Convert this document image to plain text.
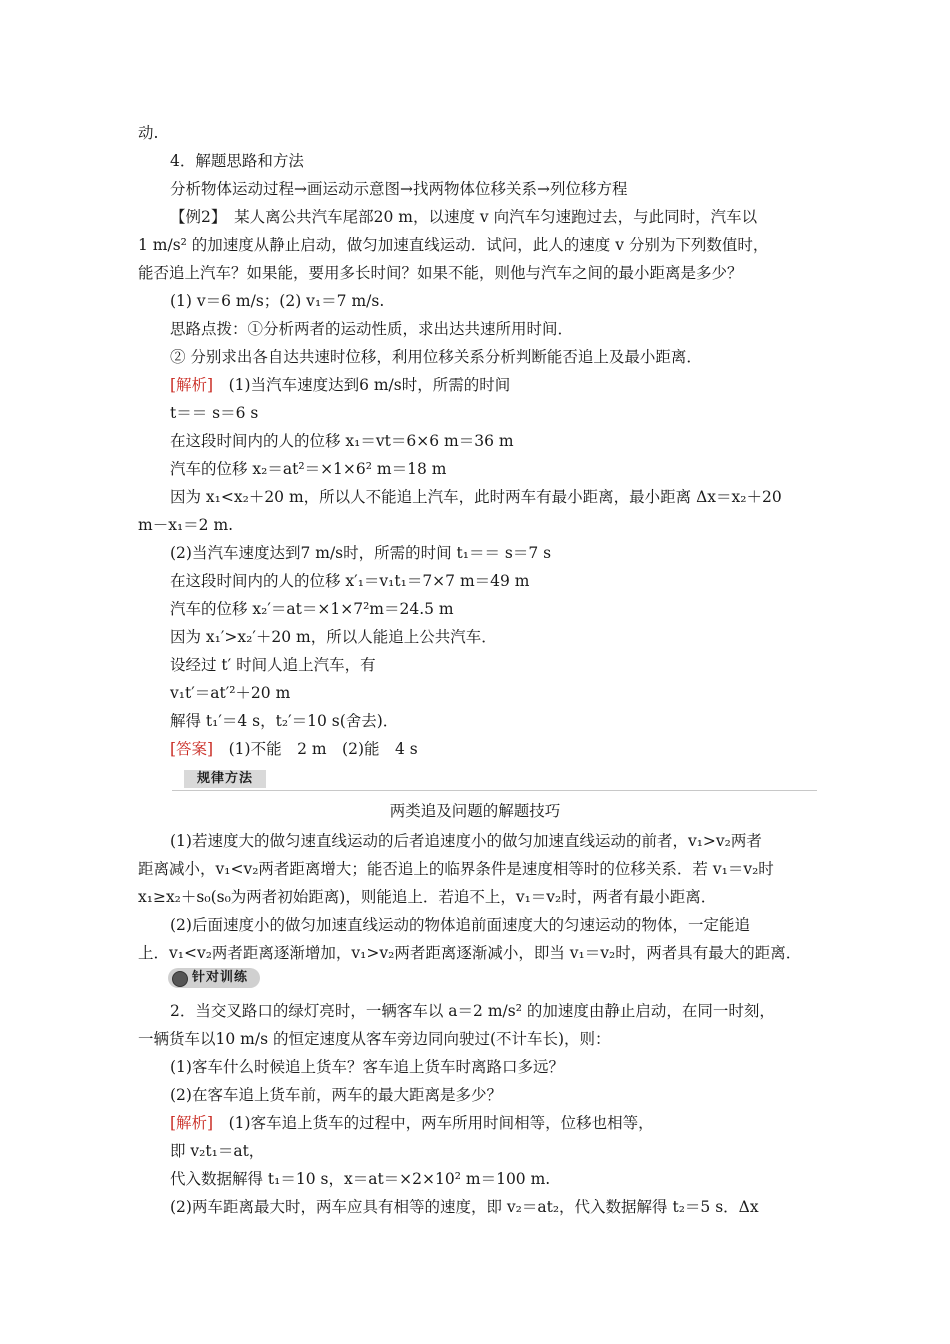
动.
4．解题思路和方法
分析物体运动过程→画运动示意图→找两物体位移关系→列位移方程
【例2】　某人离公共汽车尾部20 m，以速度 v 向汽车匀速跑过去，与此同时，汽车以
1 m/s² 的加速度从静止启动，做匀加速直线运动．试问，此人的速度 v 分别为下列数值时，
能否追上汽车？如果能，要用多长时间？如果不能，则他与汽车之间的最小距离是多少？
(1) v＝6 m/s；(2) v₁＝7 m/s.
思路点拨：①分析两者的运动性质，求出达共速所用时间．
② 分别求出各自达共速时位移，利用位移关系分析判断能否追上及最小距离．
[解析]　(1)当汽车速度达到6 m/s时，所需的时间
t＝＝ s＝6 s
在这段时间内的人的位移 x₁＝vt＝6×6 m＝36 m
汽车的位移 x₂＝at²＝×1×6² m＝18 m
因为 x₁<x₂＋20 m，所以人不能追上汽车，此时两车有最小距离，最小距离 Δx＝x₂＋20
m－x₁＝2 m.
(2)当汽车速度达到7 m/s时，所需的时间 t₁＝＝ s＝7 s
在这段时间内的人的位移 x′₁＝v₁t₁＝7×7 m＝49 m
汽车的位移 x₂′＝at＝×1×7²m＝24.5 m
因为 x₁′>x₂′＋20 m，所以人能追上公共汽车．
设经过 t′ 时间人追上汽车，有
v₁t′＝at′²＋20 m
解得 t₁′＝4 s，t₂′＝10 s(舍去)．
[答案]　(1)不能　2 m　(2)能　4 s
规律方法
两类追及问题的解题技巧
(1)若速度大的做匀速直线运动的后者追速度小的做匀加速直线运动的前者，v₁>v₂两者
距离减小，v₁<v₂两者距离增大；能否追上的临界条件是速度相等时的位移关系．若 v₁＝v₂时
x₁≥x₂＋s₀(s₀为两者初始距离)，则能追上．若追不上，v₁＝v₂时，两者有最小距离．
(2)后面速度小的做匀加速直线运动的物体追前面速度大的匀速运动的物体，一定能追
上．v₁<v₂两者距离逐渐增加，v₁>v₂两者距离逐渐减小，即当 v₁＝v₂时，两者具有最大的距离．
针对训练
2．当交叉路口的绿灯亮时，一辆客车以 a＝2 m/s² 的加速度由静止启动，在同一时刻，
一辆货车以10 m/s 的恒定速度从客车旁边同向驶过(不计车长)，则：
(1)客车什么时候追上货车？客车追上货车时离路口多远？
(2)在客车追上货车前，两车的最大距离是多少？
[解析]　(1)客车追上货车的过程中，两车所用时间相等，位移也相等，
即 v₂t₁＝at，
代入数据解得 t₁＝10 s，x＝at＝×2×10² m＝100 m.
(2)两车距离最大时，两车应具有相等的速度，即 v₂＝at₂，代入数据解得 t₂＝5 s．Δx
